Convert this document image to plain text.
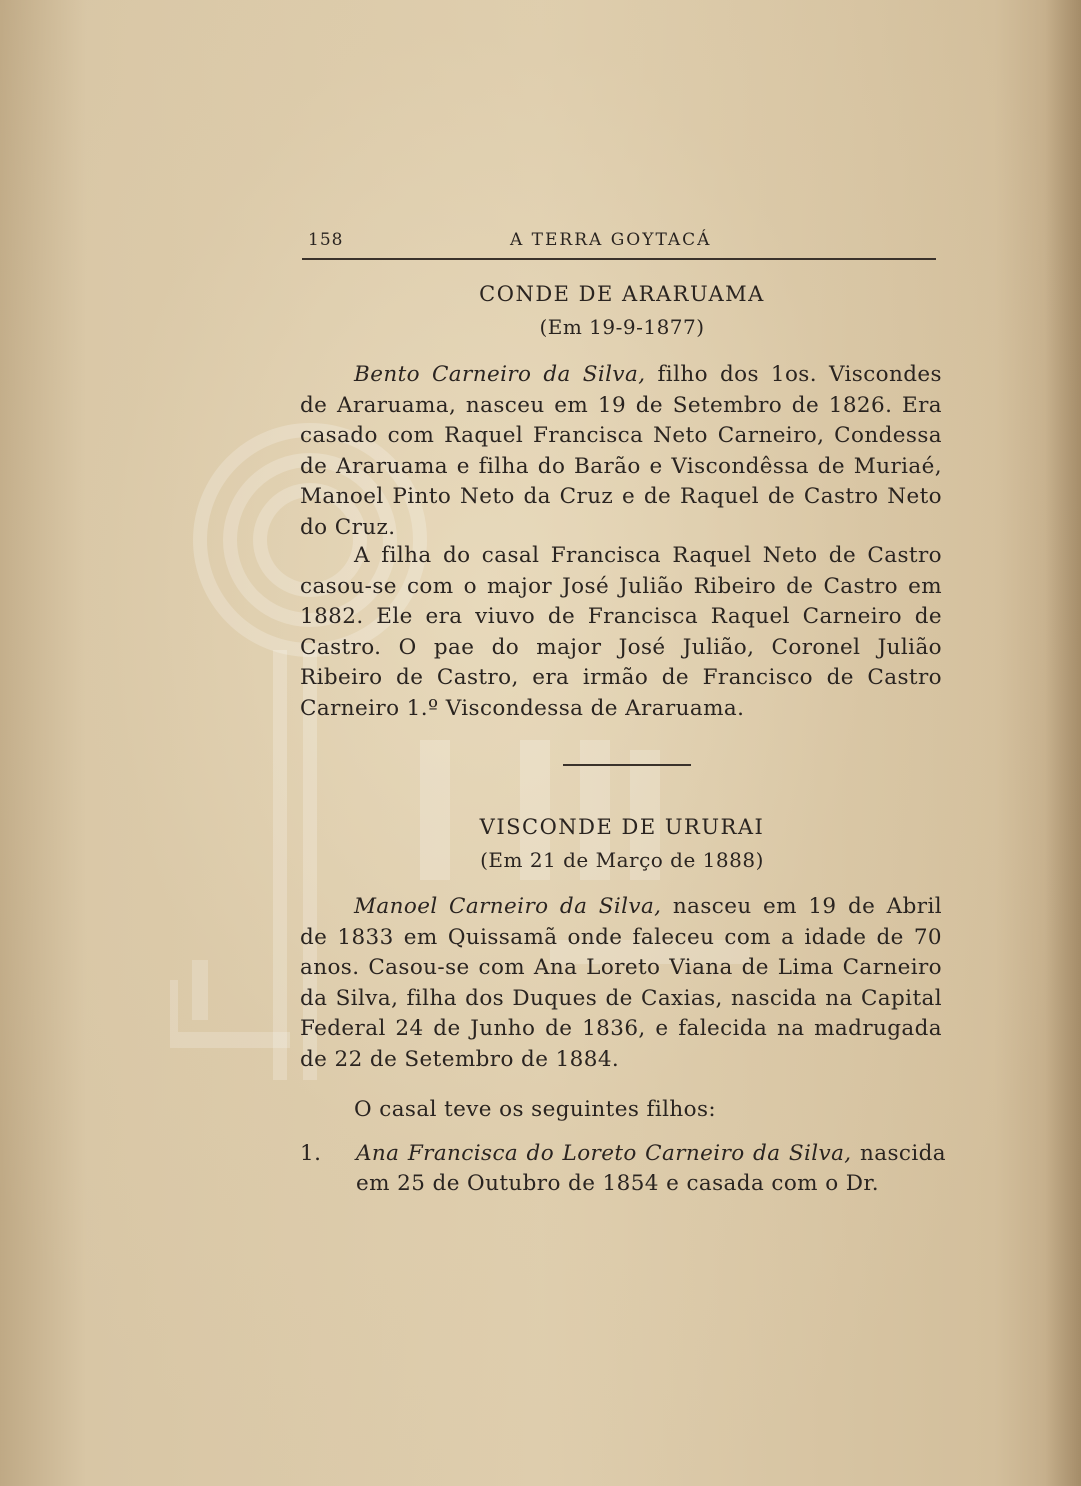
158	A TERRA GOYTACÁ
CONDE DE ARARUAMA
(Em 19-9-1877)
Bento Carneiro da Silva, filho dos 1os. Viscondes de Araruama, nasceu em 19 de Setembro de 1826. Era casado com Raquel Francisca Neto Carneiro, Condessa de Araruama e filha do Barão e Viscondêssa de Muriaé, Manoel Pinto Neto da Cruz e de Raquel de Castro Neto do Cruz.
A filha do casal Francisca Raquel Neto de Castro casou-se com o major José Julião Ribeiro de Castro em 1882. Ele era viuvo de Francisca Raquel Carneiro de Castro. O pae do major José Julião, Coronel Julião Ribeiro de Castro, era irmão de Francisco de Castro Carneiro 1.º Viscondessa de Araruama.
VISCONDE DE URURAI
(Em 21 de Março de 1888)
Manoel Carneiro da Silva, nasceu em 19 de Abril de 1833 em Quissamã onde faleceu com a idade de 70 anos. Casou-se com Ana Loreto Viana de Lima Carneiro da Silva, filha dos Duques de Caxias, nascida na Capital Federal 24 de Junho de 1836, e falecida na madrugada de 22 de Setembro de 1884.
O casal teve os seguintes filhos:
1. Ana Francisca do Loreto Carneiro da Silva, nascida em 25 de Outubro de 1854 e casada com o Dr.
